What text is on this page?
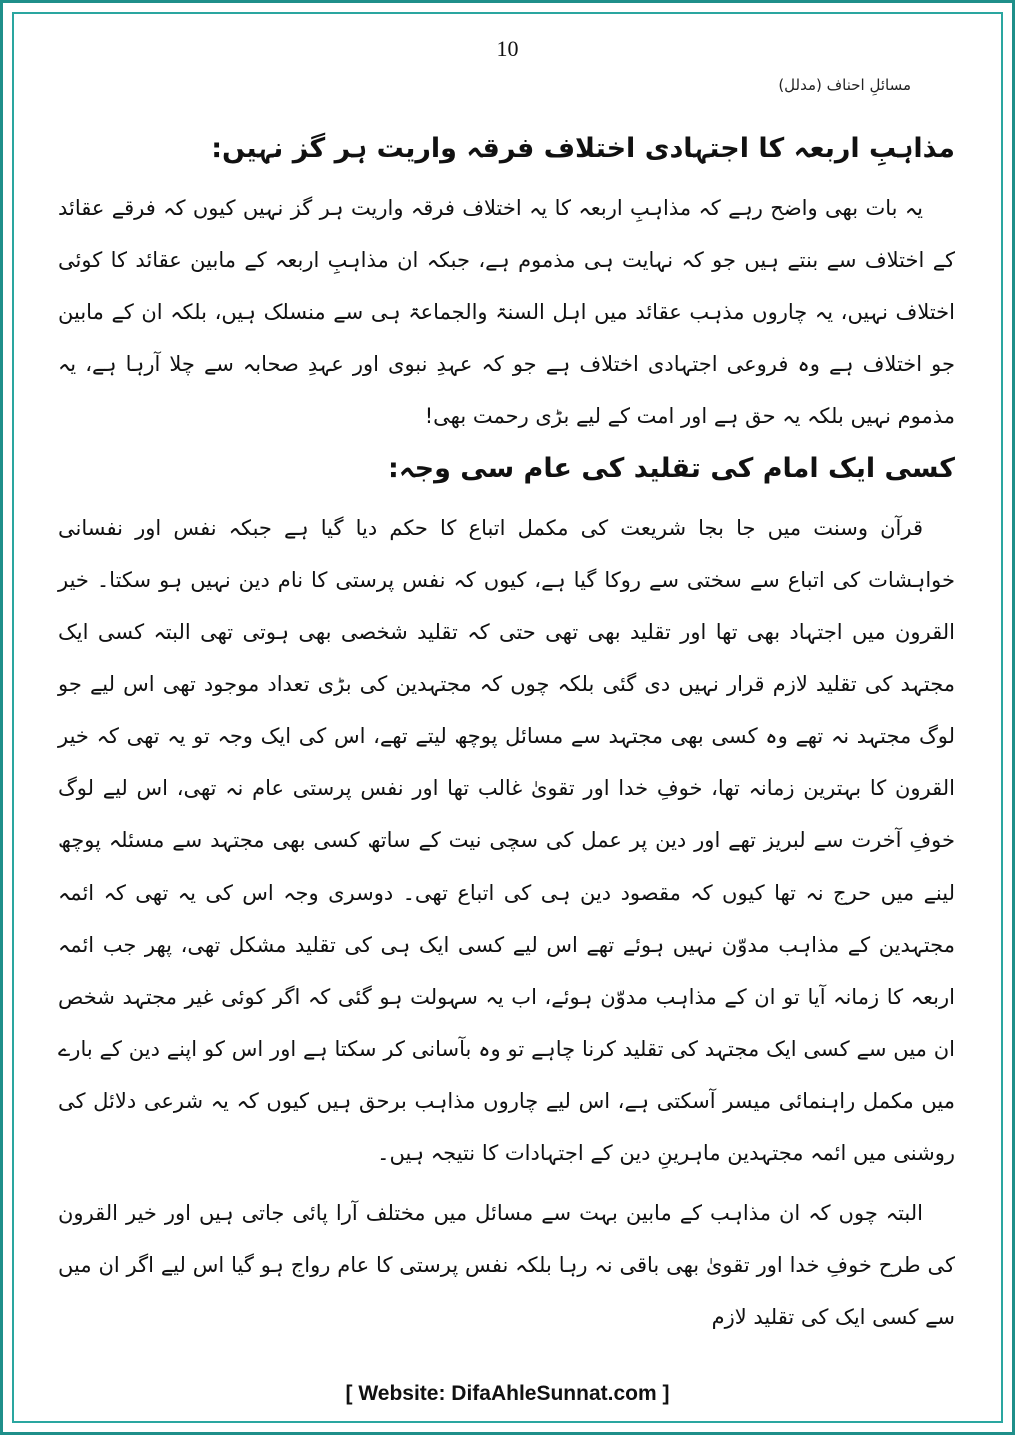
10
مسائلِ احناف (مدلل)
مذاہبِ اربعہ کا اجتہادی اختلاف فرقہ واریت ہر گز نہیں:

یہ بات بھی واضح رہے کہ مذاہبِ اربعہ کا یہ اختلاف فرقہ واریت ہر گز نہیں کیوں کہ فرقے عقائد کے اختلاف سے بنتے ہیں جو کہ نہایت ہی مذموم ہے، جبکہ ان مذاہبِ اربعہ کے مابین عقائد کا کوئی اختلاف نہیں، یہ چاروں مذہب عقائد میں اہل السنۃ والجماعۃ ہی سے منسلک ہیں، بلکہ ان کے مابین جو اختلاف ہے وہ فروعی اجتہادی اختلاف ہے جو کہ عہدِ نبوی اور عہدِ صحابہ سے چلا آرہا ہے، یہ مذموم نہیں بلکہ یہ حق ہے اور امت کے لیے بڑی رحمت بھی!

کسی ایک امام کی تقلید کی عام سی وجہ:

قرآن وسنت میں جا بجا شریعت کی مکمل اتباع کا حکم دیا گیا ہے جبکہ نفس اور نفسانی خواہشات کی اتباع سے سختی سے روکا گیا ہے، کیوں کہ نفس پرستی کا نام دین نہیں ہو سکتا۔ خیر القرون میں اجتہاد بھی تھا اور تقلید بھی تھی حتی کہ تقلید شخصی بھی ہوتی تھی البتہ کسی ایک مجتہد کی تقلید لازم قرار نہیں دی گئی بلکہ چوں کہ مجتہدین کی بڑی تعداد موجود تھی اس لیے جو لوگ مجتہد نہ تھے وہ کسی بھی مجتہد سے مسائل پوچھ لیتے تھے، اس کی ایک وجہ تو یہ تھی کہ خیر القرون کا بہترین زمانہ تھا، خوفِ خدا اور تقویٰ غالب تھا اور نفس پرستی عام نہ تھی، اس لیے لوگ خوفِ آخرت سے لبریز تھے اور دین پر عمل کی سچی نیت کے ساتھ کسی بھی مجتہد سے مسئلہ پوچھ لینے میں حرج نہ تھا کیوں کہ مقصود دین ہی کی اتباع تھی۔ دوسری وجہ اس کی یہ تھی کہ ائمہ مجتہدین کے مذاہب مدوّن نہیں ہوئے تھے اس لیے کسی ایک ہی کی تقلید مشکل تھی، پھر جب ائمہ اربعہ کا زمانہ آیا تو ان کے مذاہب مدوّن ہوئے، اب یہ سہولت ہو گئی کہ اگر کوئی غیر مجتہد شخص ان میں سے کسی ایک مجتہد کی تقلید کرنا چاہے تو وہ بآسانی کر سکتا ہے اور اس کو اپنے دین کے بارے میں مکمل راہنمائی میسر آسکتی ہے، اس لیے چاروں مذاہب برحق ہیں کیوں کہ یہ شرعی دلائل کی روشنی میں ائمہ مجتہدین ماہرینِ دین کے اجتہادات کا نتیجہ ہیں۔

البتہ چوں کہ ان مذاہب کے مابین بہت سے مسائل میں مختلف آرا پائی جاتی ہیں اور خیر القرون کی طرح خوفِ خدا اور تقویٰ بھی باقی نہ رہا بلکہ نفس پرستی کا عام رواج ہو گیا اس لیے اگر ان میں سے کسی ایک کی تقلید لازم

[ Website: DifaAhleSunnat.com ]
